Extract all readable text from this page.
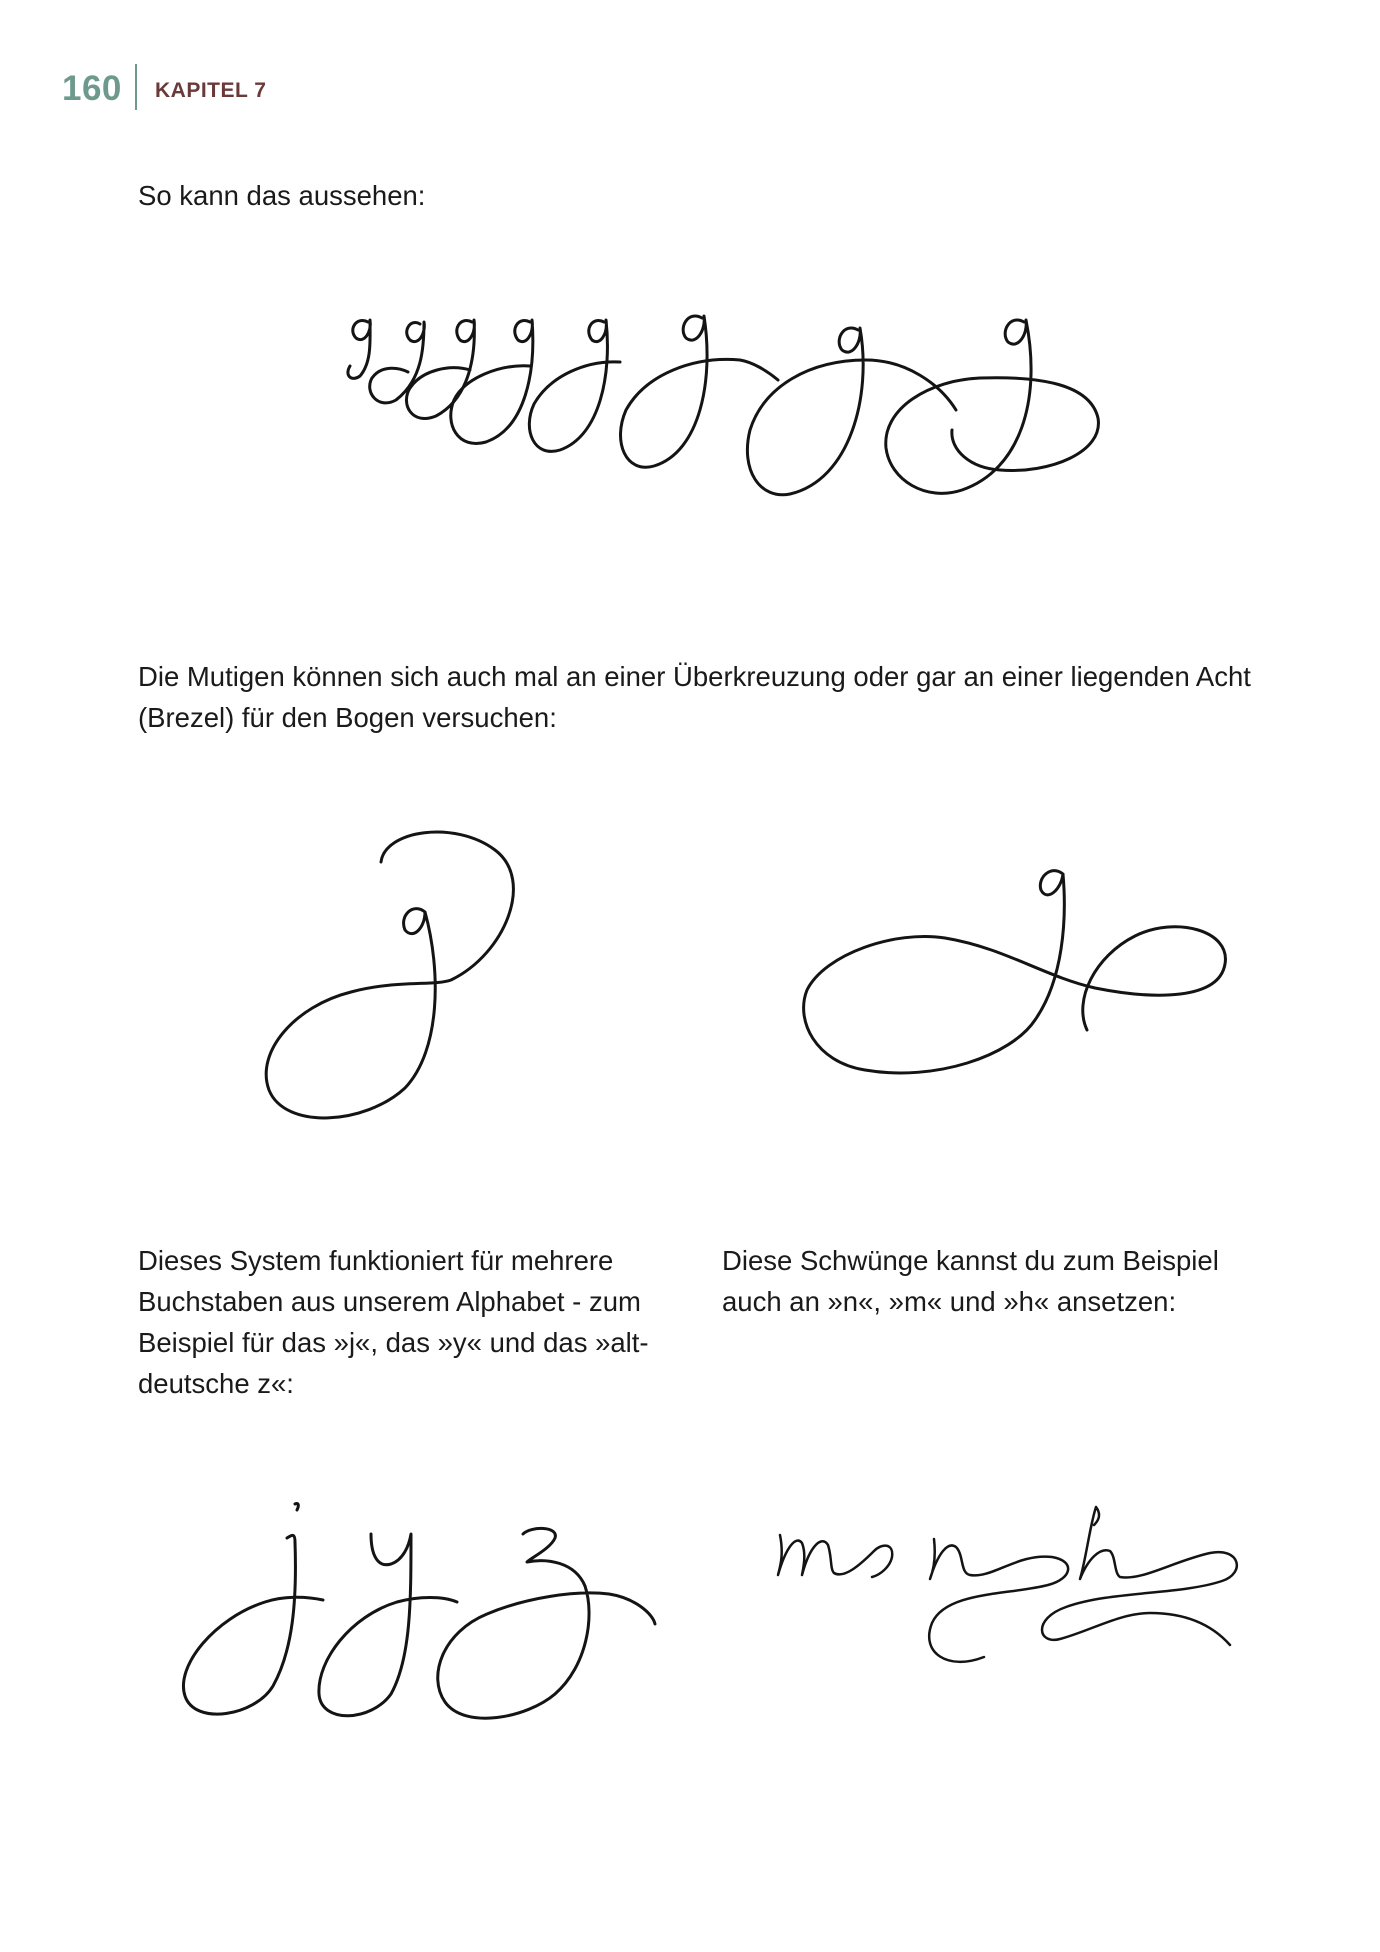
160 KAPITEL 7

So kann das aussehen:

Die Mutigen können sich auch mal an einer Überkreuzung oder gar an einer liegenden Acht (Brezel) für den Bogen versuchen:

Dieses System funktioniert für mehrere Buchstaben aus unserem Alphabet - zum Beispiel für das »j«, das »y« und das »alt-deutsche z«:

Diese Schwünge kannst du zum Beispiel auch an »n«, »m« und »h« ansetzen:
